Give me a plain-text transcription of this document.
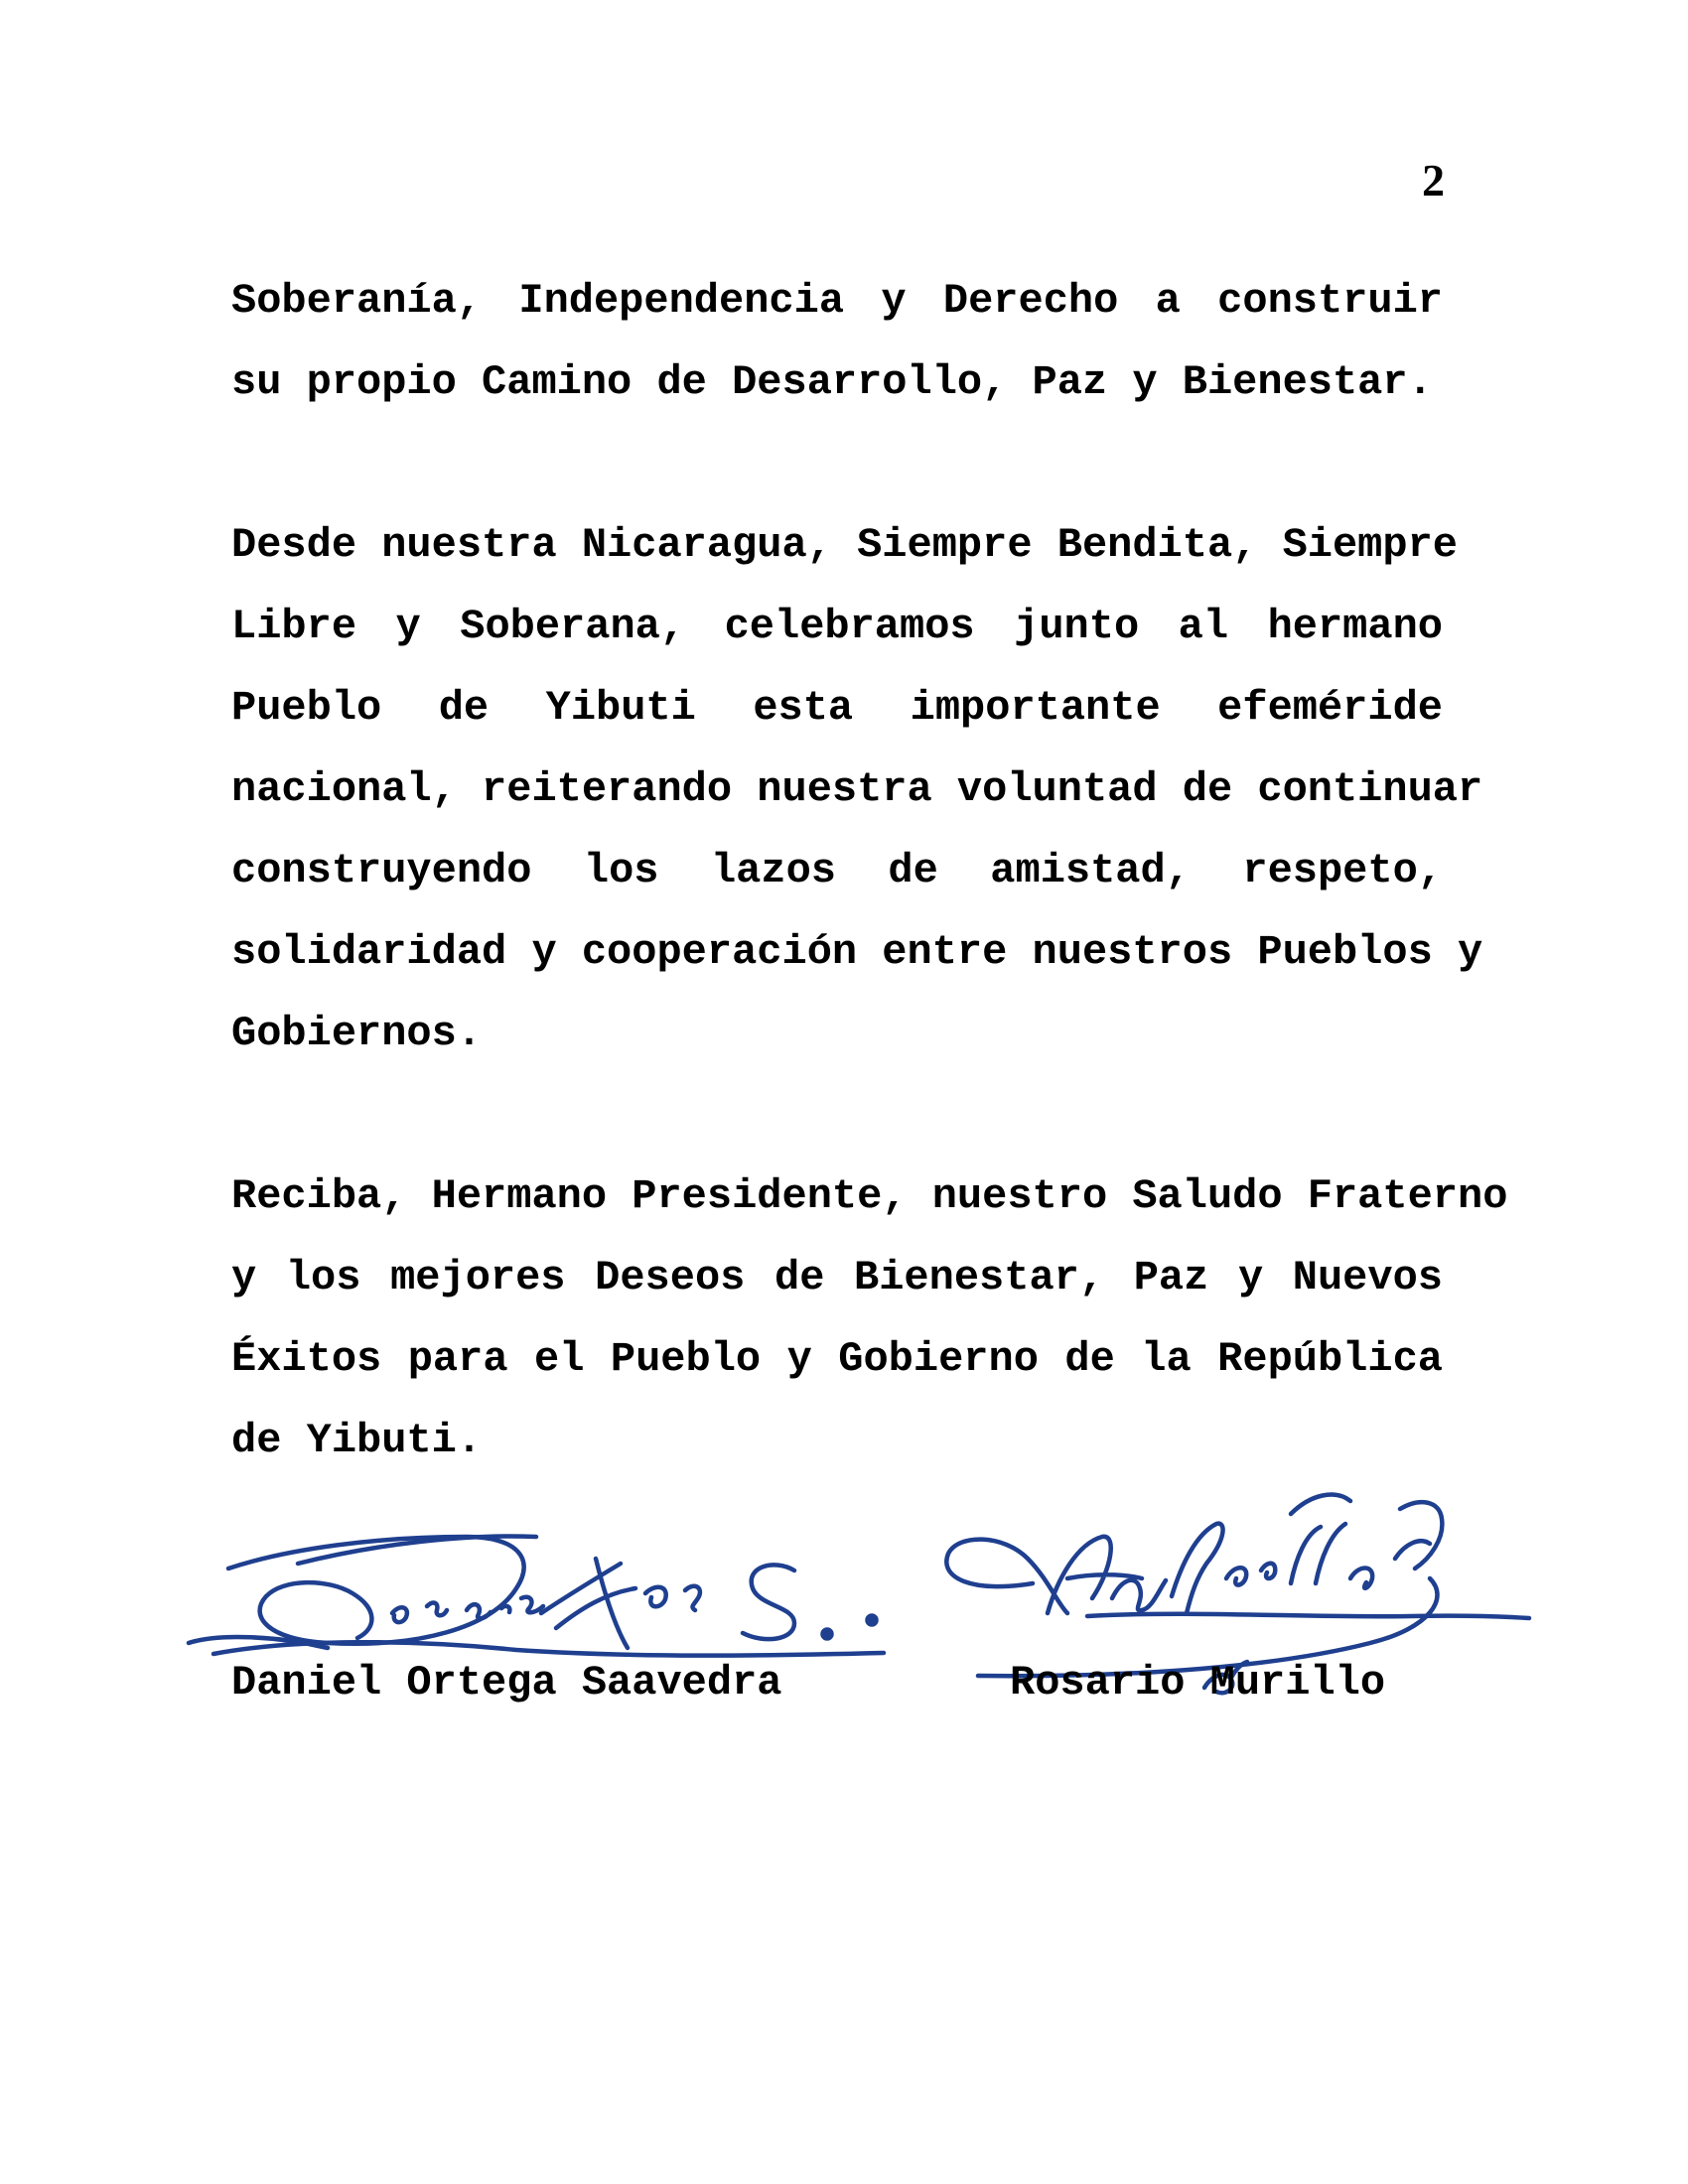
2
Soberanía, Independencia y Derecho a construir
su propio Camino de Desarrollo, Paz y Bienestar.
Desde nuestra Nicaragua, Siempre Bendita, Siempre
Libre y Soberana, celebramos junto al hermano
Pueblo de Yibuti esta importante efeméride
nacional, reiterando nuestra voluntad de continuar
construyendo los lazos de amistad, respeto,
solidaridad y cooperación entre nuestros Pueblos y
Gobiernos.
Reciba, Hermano Presidente, nuestro Saludo Fraterno
y los mejores Deseos de Bienestar, Paz y Nuevos
Éxitos para el Pueblo y Gobierno de la República
de Yibuti.
Daniel Ortega Saavedra	Rosario Murillo
